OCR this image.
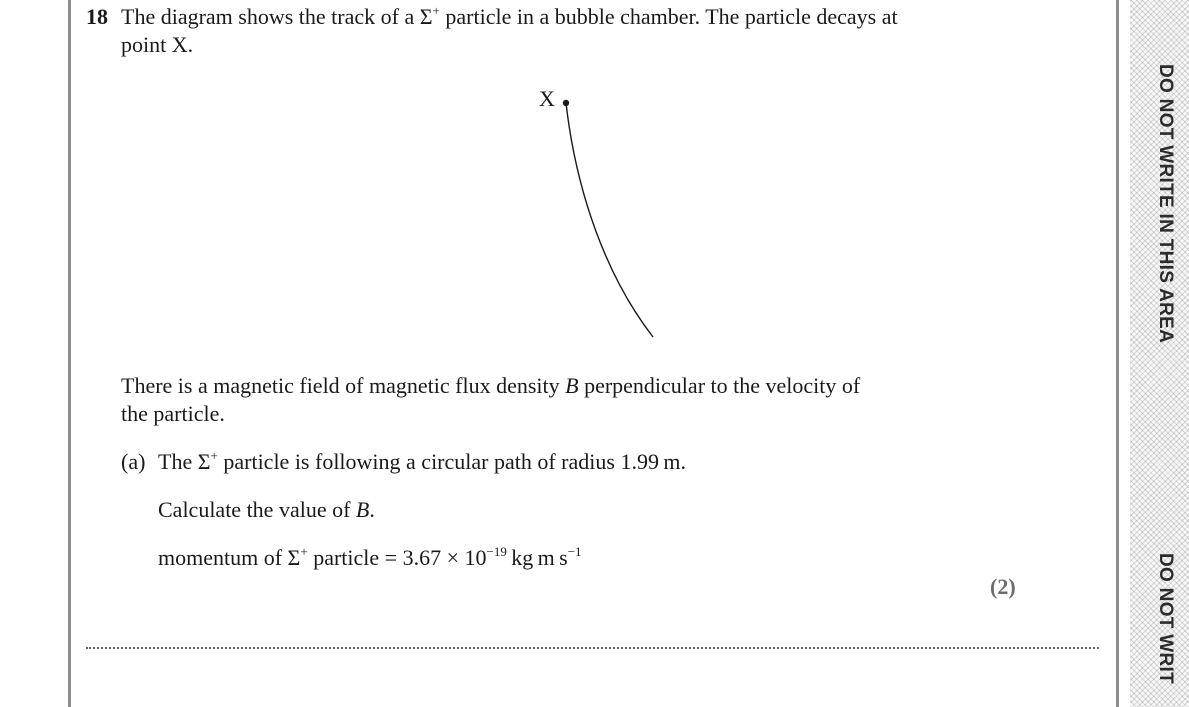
DO NOT WRITE IN THIS AREA
DO NOT WRIT
18 The diagram shows the track of a Σ+ particle in a bubble chamber. The particle decays at
point X.
X
There is a magnetic field of magnetic flux density B perpendicular to the velocity of
the particle.
(a) The Σ+ particle is following a circular path of radius 1.99 m.
Calculate the value of B.
momentum of Σ+ particle = $3.67 \times 10^{-19}$ kg m $s^{-1}$
(2)
